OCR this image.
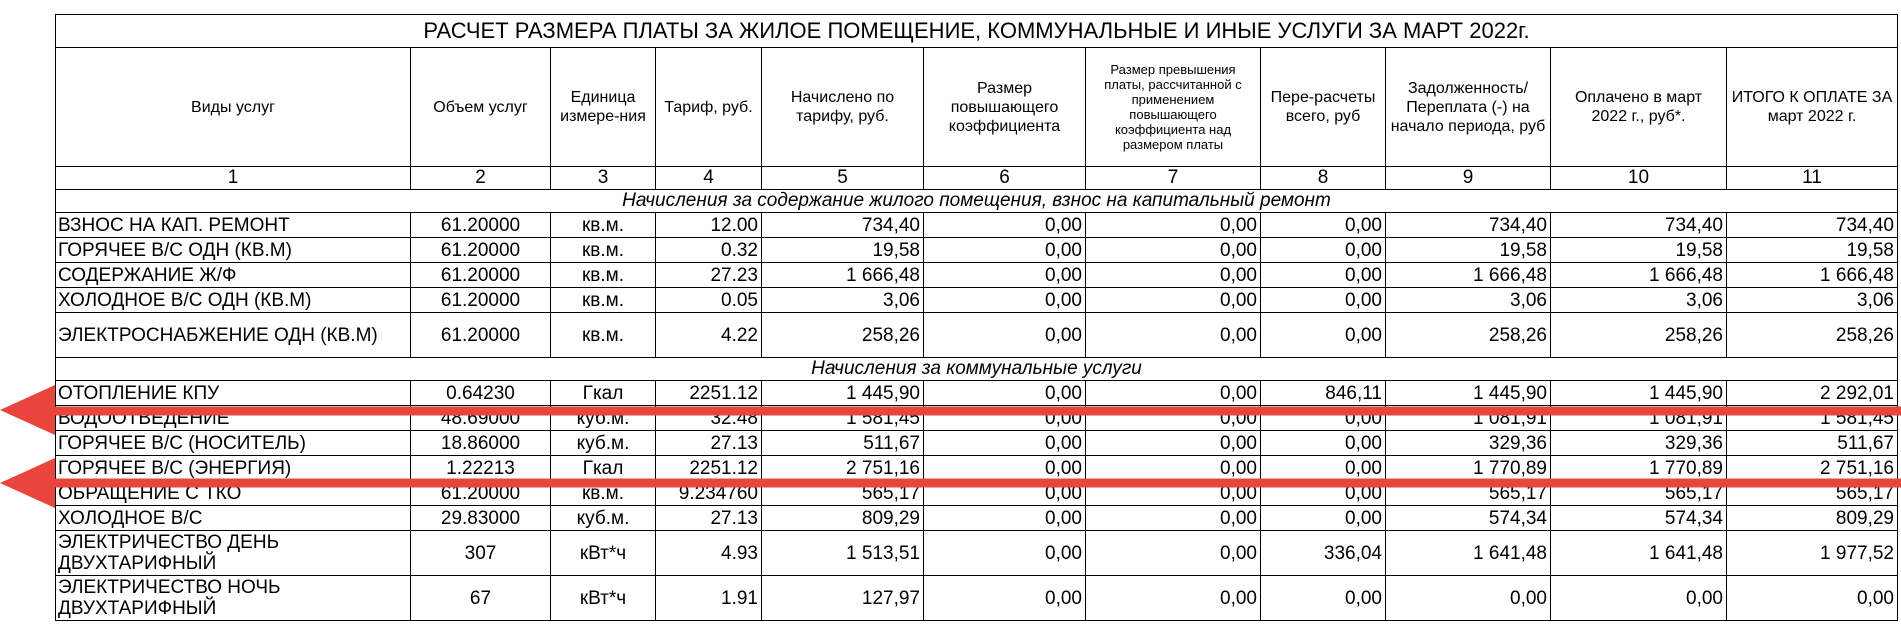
РАСЧЕТ РАЗМЕРА ПЛАТЫ ЗА ЖИЛОЕ ПОМЕЩЕНИЕ, КОММУНАЛЬНЫЕ И ИНЫЕ УСЛУГИ ЗА МАРТ 2022г.										
Виды услуг	Объем услуг	Единица измере-ния	Тариф, руб.	Начислено по тарифу, руб.	Размер повышающего коэффициента	Размер превышения платы, рассчитанной с применением повышающего коэффициента над размером платы	Пере-расчеты всего, руб	Задолженность/ Переплата (-) на начало периода, руб	Оплачено в март 2022 г., руб*.	ИТОГО К ОПЛАТЕ ЗА март 2022 г.
1	2	3	4	5	6	7	8	9	10	11
Начисления за содержание жилого помещения, взнос на капитальный ремонт										
ВЗНОС НА КАП. РЕМОНТ	61.20000	кв.м.	12.00	734,40	0,00	0,00	0,00	734,40	734,40	734,40
ГОРЯЧЕЕ В/С ОДН (КВ.М)	61.20000	кв.м.	0.32	19,58	0,00	0,00	0,00	19,58	19,58	19,58
СОДЕРЖАНИЕ Ж/Ф	61.20000	кв.м.	27.23	1 666,48	0,00	0,00	0,00	1 666,48	1 666,48	1 666,48
ХОЛОДНОЕ В/С ОДН (КВ.М)	61.20000	кв.м.	0.05	3,06	0,00	0,00	0,00	3,06	3,06	3,06
ЭЛЕКТРОСНАБЖЕНИЕ ОДН (КВ.М)	61.20000	кв.м.	4.22	258,26	0,00	0,00	0,00	258,26	258,26	258,26
Начисления за коммунальные услуги										
ОТОПЛЕНИЕ КПУ	0.64230	Гкал	2251.12	1 445,90	0,00	0,00	846,11	1 445,90	1 445,90	2 292,01
ВОДООТВЕДЕНИЕ	48.69000	куб.м.	32.48	1 581,45	0,00	0,00	0,00	1 081,91	1 081,91	1 581,45
ГОРЯЧЕЕ В/С (НОСИТЕЛЬ)	18.86000	куб.м.	27.13	511,67	0,00	0,00	0,00	329,36	329,36	511,67
ГОРЯЧЕЕ В/С (ЭНЕРГИЯ)	1.22213	Гкал	2251.12	2 751,16	0,00	0,00	0,00	1 770,89	1 770,89	2 751,16
ОБРАЩЕНИЕ С ТКО	61.20000	кв.м.	9.234760	565,17	0,00	0,00	0,00	565,17	565,17	565,17
ХОЛОДНОЕ В/С	29.83000	куб.м.	27.13	809,29	0,00	0,00	0,00	574,34	574,34	809,29
ЭЛЕКТРИЧЕСТВО ДЕНЬ ДВУХТАРИФНЫЙ	307	кВт*ч	4.93	1 513,51	0,00	0,00	336,04	1 641,48	1 641,48	1 977,52
ЭЛЕКТРИЧЕСТВО НОЧЬ ДВУХТАРИФНЫЙ	67	кВт*ч	1.91	127,97	0,00	0,00	0,00	0,00	0,00	0,00
